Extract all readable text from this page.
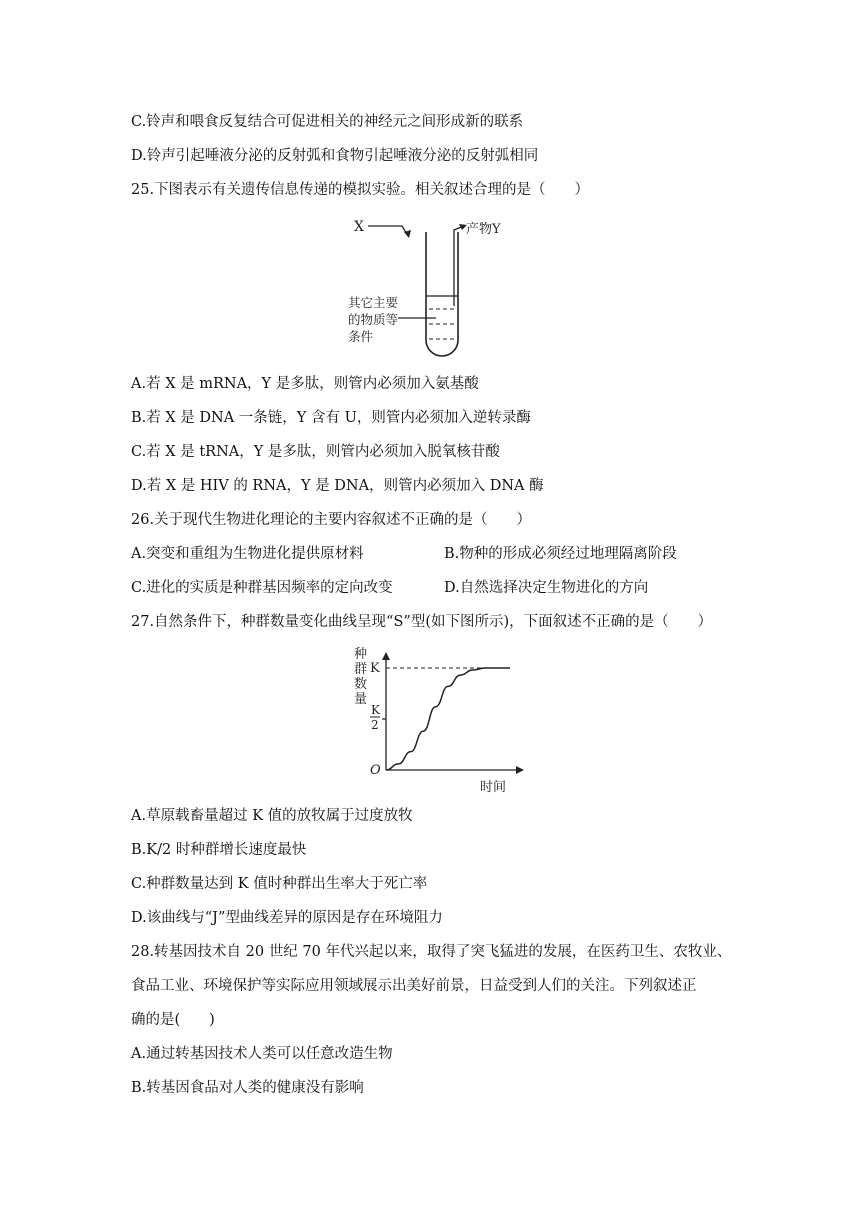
C.铃声和喂食反复结合可促进相关的神经元之间形成新的联系
D.铃声引起唾液分泌的反射弧和食物引起唾液分泌的反射弧相同
25.下图表示有关遗传信息传递的模拟实验。相关叙述合理的是（　　）
X	产物Y
其它主要
的物质等
条件
A.若 X 是 mRNA，Y 是多肽，则管内必须加入氨基酸
B.若 X 是 DNA 一条链，Y 含有 U，则管内必须加入逆转录酶
C.若 X 是 tRNA，Y 是多肽，则管内必须加入脱氧核苷酸
D.若 X 是 HIV 的 RNA，Y 是 DNA，则管内必须加入 DNA 酶
26.关于现代生物进化理论的主要内容叙述不正确的是（　　）
A.突变和重组为生物进化提供原材料	B.物种的形成必须经过地理隔离阶段
C.进化的实质是种群基因频率的定向改变	D.自然选择决定生物进化的方向
27.自然条件下，种群数量变化曲线呈现“S”型(如下图所示)，下面叙述不正确的是（　　）
种
群
数
量
O
K
K
2
时间
A.草原载畜量超过 K 值的放牧属于过度放牧
B.K/2 时种群增长速度最快
C.种群数量达到 K 值时种群出生率大于死亡率
D.该曲线与“J”型曲线差异的原因是存在环境阻力
28.转基因技术自 20 世纪 70 年代兴起以来，取得了突飞猛进的发展，在医药卫生、农牧业、
食品工业、环境保护等实际应用领域展示出美好前景，日益受到人们的关注。下列叙述正
确的是(　　)
A.通过转基因技术人类可以任意改造生物
B.转基因食品对人类的健康没有影响
